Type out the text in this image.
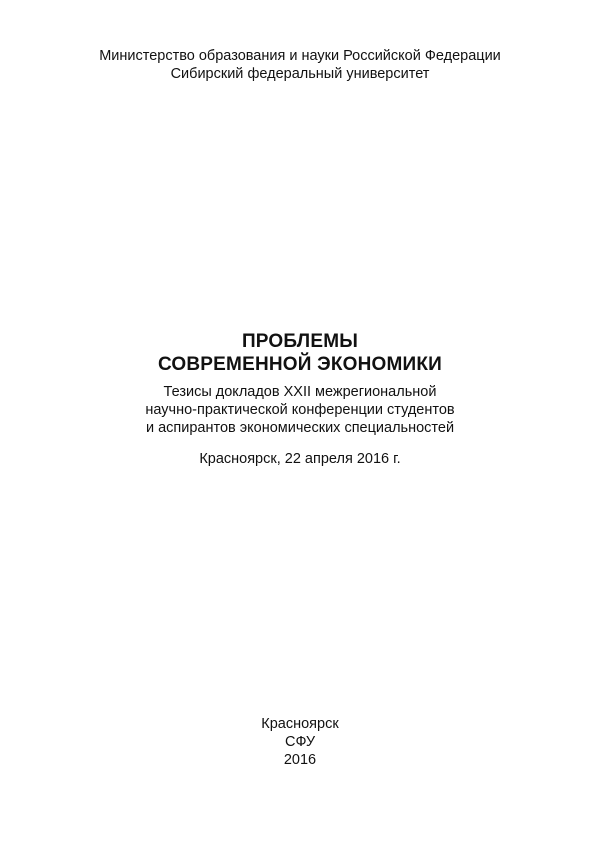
Министерство образования и науки Российской Федерации
Сибирский федеральный университет
ПРОБЛЕМЫ
СОВРЕМЕННОЙ ЭКОНОМИКИ
Тезисы докладов XXII межрегиональной
научно-практической конференции студентов
и аспирантов экономических специальностей
Красноярск, 22 апреля 2016 г.
Красноярск
СФУ
2016
